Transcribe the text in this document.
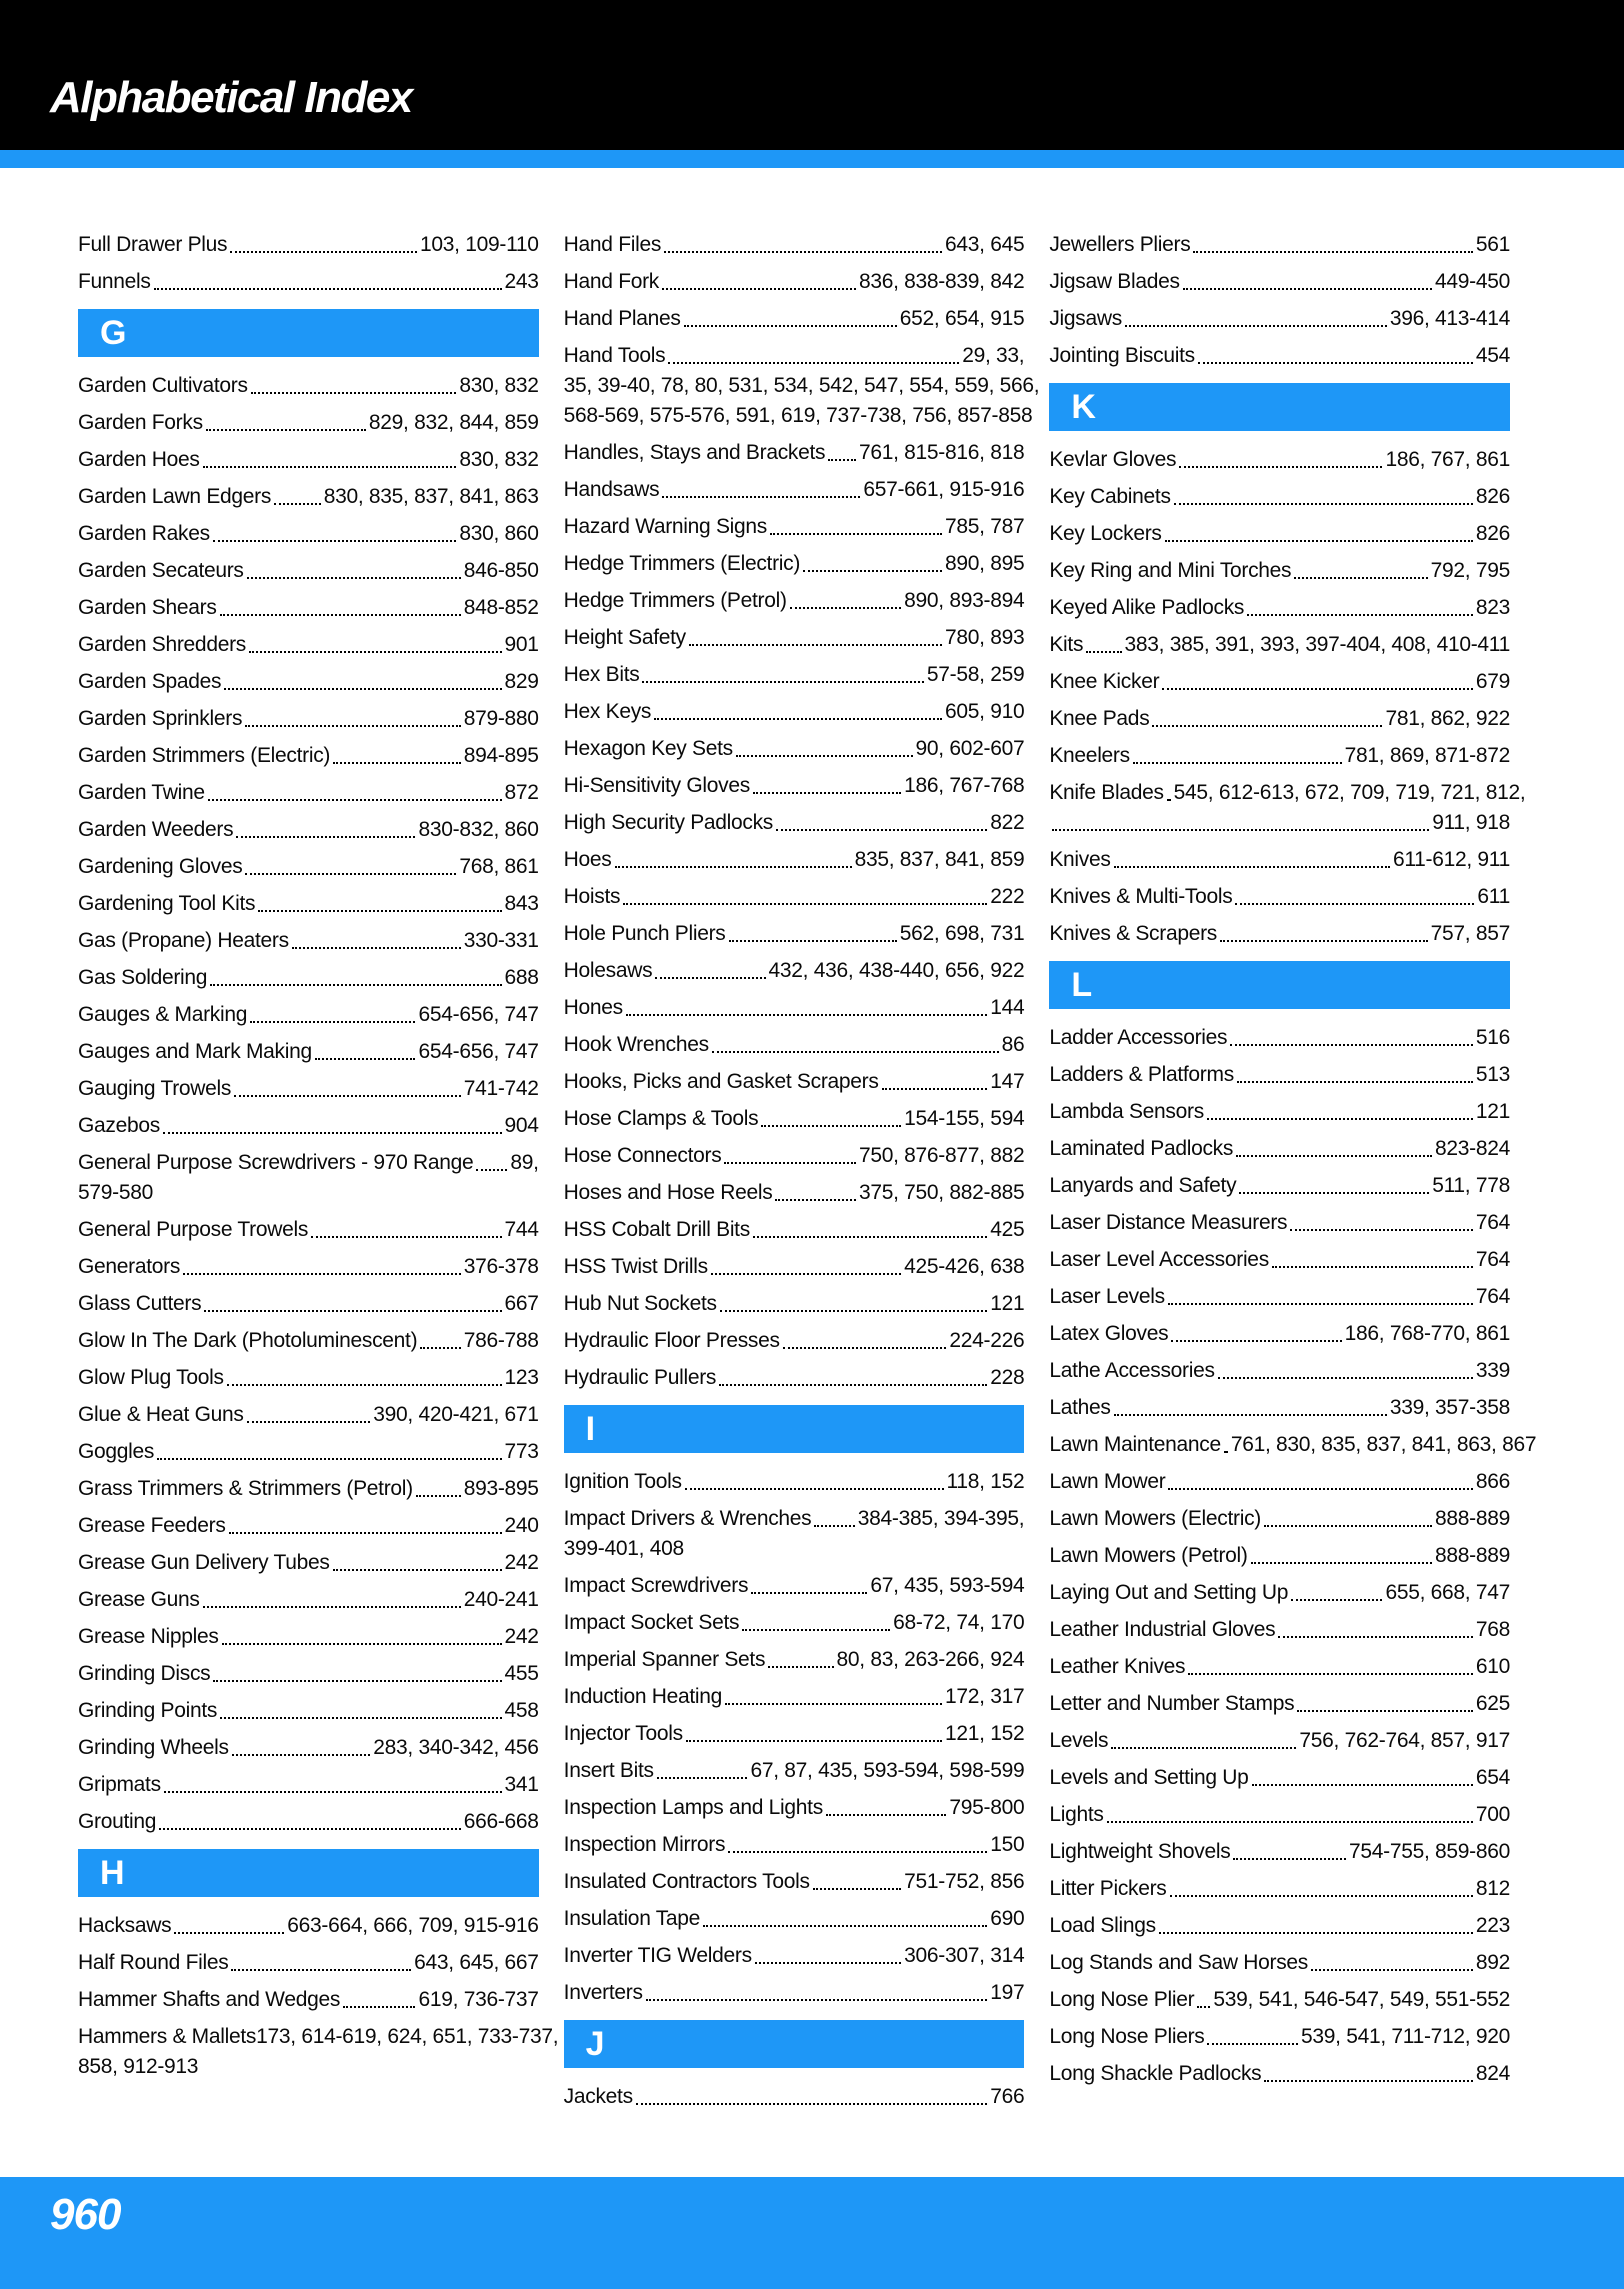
Alphabetical Index
Full Drawer Plus	103, 109-110
Funnels	243
G
Garden Cultivators	830, 832
Garden Forks	829, 832, 844, 859
Garden Hoes	830, 832
Garden Lawn Edgers	830, 835, 837, 841, 863
Garden Rakes	830, 860
Garden Secateurs	846-850
Garden Shears	848-852
Garden Shredders	901
Garden Spades	829
Garden Sprinklers	879-880
Garden Strimmers (Electric)	894-895
Garden Twine	872
Garden Weeders	830-832, 860
Gardening Gloves	768, 861
Gardening Tool Kits	843
Gas (Propane) Heaters	330-331
Gas Soldering	688
Gauges & Marking	654-656, 747
Gauges and Mark Making	654-656, 747
Gauging Trowels	741-742
Gazebos	904
General Purpose Screwdrivers - 970 Range 89,
579-580
General Purpose Trowels	744
Generators	376-378
Glass Cutters	667
Glow In The Dark (Photoluminescent) 786-788
Glow Plug Tools	123
Glue & Heat Guns	390, 420-421, 671
Goggles	773
Grass Trimmers & Strimmers (Petrol) 893-895
Grease Feeders	240
Grease Gun Delivery Tubes	242
Grease Guns	240-241
Grease Nipples	242
Grinding Discs	455
Grinding Points	458
Grinding Wheels	283, 340-342, 456
Gripmats	341
Grouting	666-668
H
Hacksaws	663-664, 666, 709, 915-916
Half Round Files	643, 645, 667
Hammer Shafts and Wedges	619, 736-737
Hammers & Mallets 173, 614-619, 624, 651, 733-737,
858, 912-913
Hand Files	643, 645
Hand Fork	836, 838-839, 842
Hand Planes	652, 654, 915
Hand Tools	29, 33,
35, 39-40, 78, 80, 531, 534, 542, 547, 554, 559, 566,
568-569, 575-576, 591, 619, 737-738, 756, 857-858
Handles, Stays and Brackets 761, 815-816, 818
Handsaws	657-661, 915-916
Hazard Warning Signs	785, 787
Hedge Trimmers (Electric)	890, 895
Hedge Trimmers (Petrol)	890, 893-894
Height Safety	780, 893
Hex Bits	57-58, 259
Hex Keys	605, 910
Hexagon Key Sets	90, 602-607
Hi-Sensitivity Gloves	186, 767-768
High Security Padlocks	822
Hoes	835, 837, 841, 859
Hoists	222
Hole Punch Pliers	562, 698, 731
Holesaws	432, 436, 438-440, 656, 922
Hones	144
Hook Wrenches	86
Hooks, Picks and Gasket Scrapers	147
Hose Clamps & Tools	154-155, 594
Hose Connectors	750, 876-877, 882
Hoses and Hose Reels	375, 750, 882-885
HSS Cobalt Drill Bits	425
HSS Twist Drills	425-426, 638
Hub Nut Sockets	121
Hydraulic Floor Presses	224-226
Hydraulic Pullers	228
I
Ignition Tools	118, 152
Impact Drivers & Wrenches 384-385, 394-395,
399-401, 408
Impact Screwdrivers	67, 435, 593-594
Impact Socket Sets	68-72, 74, 170
Imperial Spanner Sets	80, 83, 263-266, 924
Induction Heating	172, 317
Injector Tools	121, 152
Insert Bits	67, 87, 435, 593-594, 598-599
Inspection Lamps and Lights	795-800
Inspection Mirrors	150
Insulated Contractors Tools	751-752, 856
Insulation Tape	690
Inverter TIG Welders	306-307, 314
Inverters	197
J
Jackets	766
Jewellers Pliers	561
Jigsaw Blades	449-450
Jigsaws	396, 413-414
Jointing Biscuits	454
K
Kevlar Gloves	186, 767, 861
Key Cabinets	826
Key Lockers	826
Key Ring and Mini Torches	792, 795
Keyed Alike Padlocks	823
Kits 383, 385, 391, 393, 397-404, 408, 410-411
Knee Kicker	679
Knee Pads	781, 862, 922
Kneelers	781, 869, 871-872
Knife Blades 545, 612-613, 672, 709, 719, 721, 812,
911, 918
Knives	611-612, 911
Knives & Multi-Tools	611
Knives & Scrapers	757, 857
L
Ladder Accessories	516
Ladders & Platforms	513
Lambda Sensors	121
Laminated Padlocks	823-824
Lanyards and Safety	511, 778
Laser Distance Measurers	764
Laser Level Accessories	764
Laser Levels	764
Latex Gloves	186, 768-770, 861
Lathe Accessories	339
Lathes	339, 357-358
Lawn Maintenance 761, 830, 835, 837, 841, 863, 867
Lawn Mower	866
Lawn Mowers (Electric)	888-889
Lawn Mowers (Petrol)	888-889
Laying Out and Setting Up	655, 668, 747
Leather Industrial Gloves	768
Leather Knives	610
Letter and Number Stamps	625
Levels	756, 762-764, 857, 917
Levels and Setting Up	654
Lights	700
Lightweight Shovels	754-755, 859-860
Litter Pickers	812
Load Slings	223
Log Stands and Saw Horses	892
Long Nose Plier 539, 541, 546-547, 549, 551-552
Long Nose Pliers	539, 541, 711-712, 920
Long Shackle Padlocks	824

960
